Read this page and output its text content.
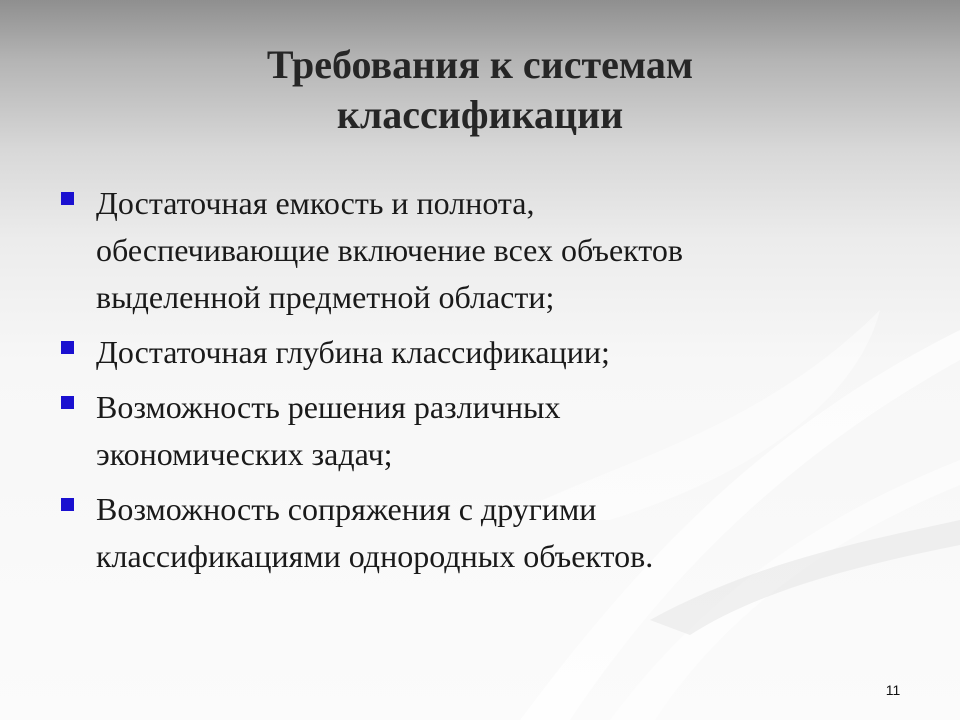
Требования к системам
классификации
Достаточная емкость и полнота,
обеспечивающие включение всех объектов
выделенной предметной области;
Достаточная глубина классификации;
Возможность решения различных
экономических задач;
Возможность сопряжения с другими
классификациями однородных объектов.
11
